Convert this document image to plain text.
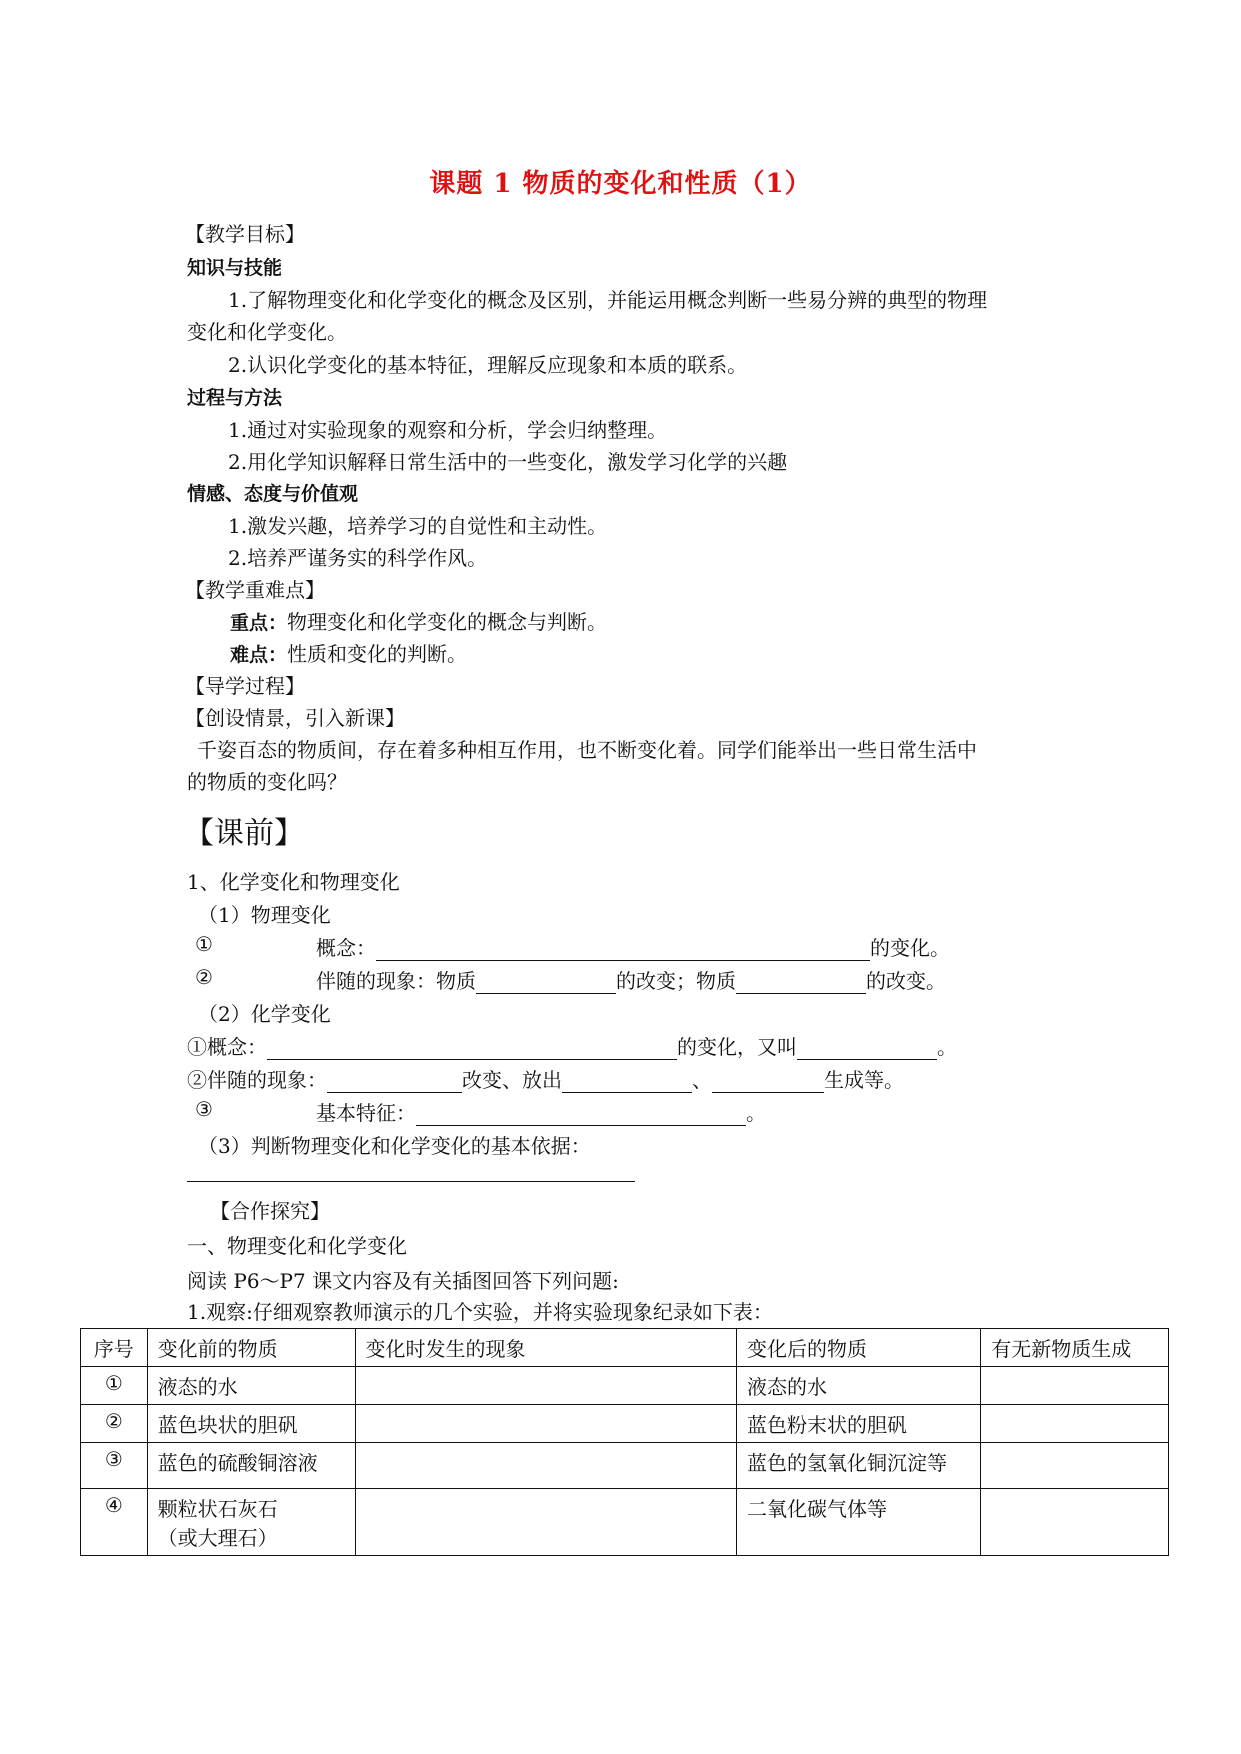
课题 1 物质的变化和性质（1）
【教学目标】
知识与技能
1.了解物理变化和化学变化的概念及区别，并能运用概念判断一些易分辨的典型的物理
变化和化学变化。
2.认识化学变化的基本特征，理解反应现象和本质的联系。
过程与方法
1.通过对实验现象的观察和分析，学会归纳整理。
2.用化学知识解释日常生活中的一些变化，激发学习化学的兴趣
情感、态度与价值观
1.激发兴趣，培养学习的自觉性和主动性。
2.培养严谨务实的科学作风。
【教学重难点】
重点：物理变化和化学变化的概念与判断。
难点：性质和变化的判断。
【导学过程】
【创设情景，引入新课】
千姿百态的物质间，存在着多种相互作用，也不断变化着。同学们能举出一些日常生活中
的物质的变化吗？
【课前】
1、化学变化和物理变化
（1）物理变化
①	概念：	的变化。
②	伴随的现象：物质	的改变；物质	的改变。
（2）化学变化
①概念：	的变化，又叫	。
②伴随的现象：	改变、放出	、	生成等。
③	基本特征：	。
（3）判断物理变化和化学变化的基本依据：
【合作探究】
一、物理变化和化学变化
阅读 P6～P7 课文内容及有关插图回答下列问题:
1.观察:仔细观察教师演示的几个实验，并将实验现象纪录如下表：
序号	变化前的物质	变化时发生的现象	变化后的物质	有无新物质生成
①	液态的水		液态的水	
②	蓝色块状的胆矾		蓝色粉末状的胆矾	
③	蓝色的硫酸铜溶液		蓝色的氢氧化铜沉淀等	
④	颗粒状石灰石
（或大理石）		二氧化碳气体等	
